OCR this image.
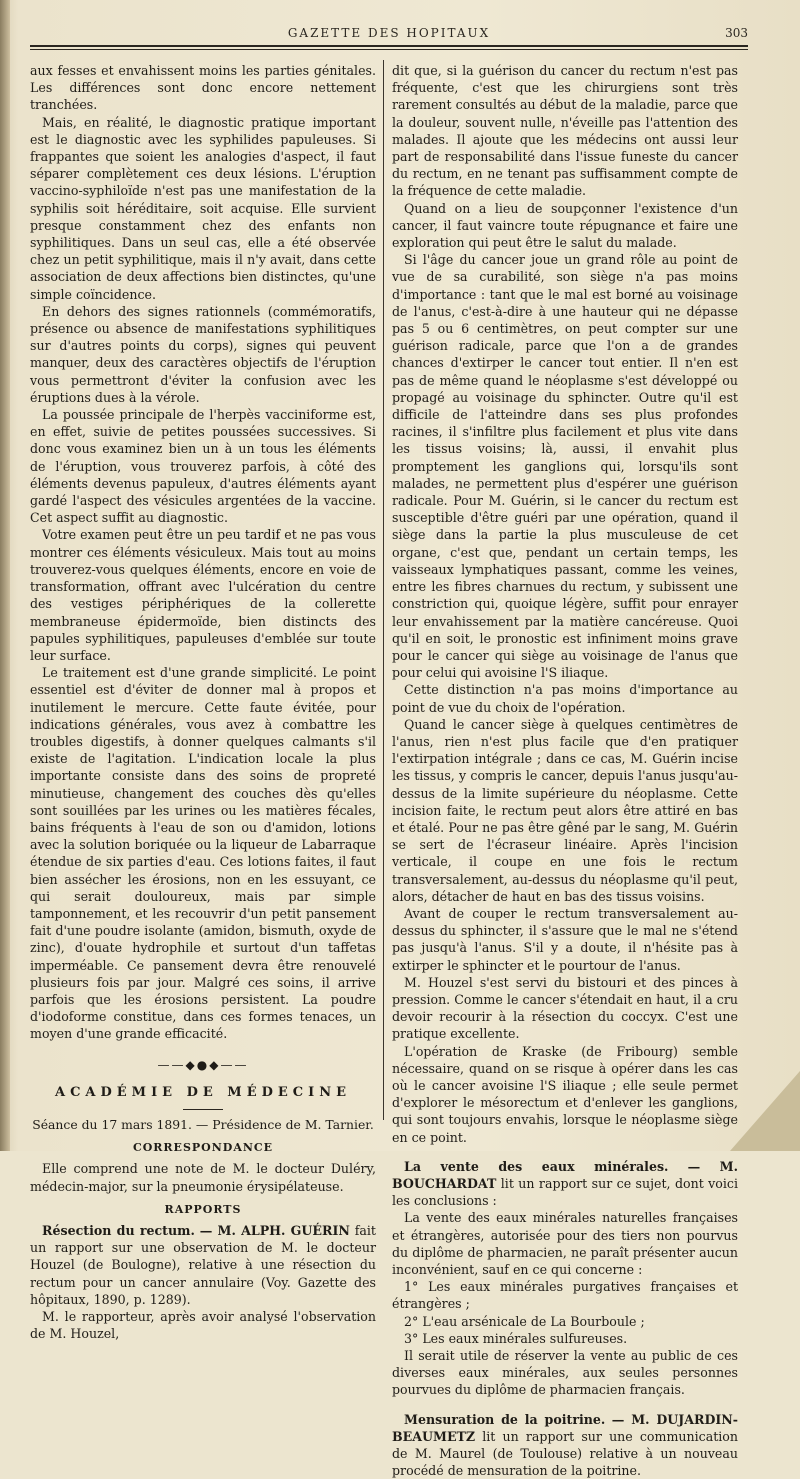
GAZETTE DES HOPITAUX	303

aux fesses et envahissent moins les parties génitales. Les différences sont donc encore nettement tranchées.

Mais, en réalité, le diagnostic pratique important est le diagnostic avec les syphilides papuleuses. Si frappantes que soient les analogies d'aspect, il faut séparer complètement ces deux lésions. L'éruption vaccino-syphiloïde n'est pas une manifestation de la syphilis soit héréditaire, soit acquise. Elle survient presque constamment chez des enfants non syphilitiques. Dans un seul cas, elle a été observée chez un petit syphilitique, mais il n'y avait, dans cette association de deux affections bien distinctes, qu'une simple coïncidence.

En dehors des signes rationnels (commémoratifs, présence ou absence de manifestations syphilitiques sur d'autres points du corps), signes qui peuvent manquer, deux des caractères objectifs de l'éruption vous permettront d'éviter la confusion avec les éruptions dues à la vérole.

La poussée principale de l'herpès vacciniforme est, en effet, suivie de petites poussées successives. Si donc vous examinez bien un à un tous les éléments de l'éruption, vous trouverez parfois, à côté des éléments devenus papuleux, d'autres éléments ayant gardé l'aspect des vésicules argentées de la vaccine. Cet aspect suffit au diagnostic.

Votre examen peut être un peu tardif et ne pas vous montrer ces éléments vésiculeux. Mais tout au moins trouverez-vous quelques éléments, encore en voie de transformation, offrant avec l'ulcération du centre des vestiges périphériques de la collerette membraneuse épidermoïde, bien distincts des papules syphilitiques, papuleuses d'emblée sur toute leur surface.

Le traitement est d'une grande simplicité. Le point essentiel est d'éviter de donner mal à propos et inutilement le mercure. Cette faute évitée, pour indications générales, vous avez à combattre les troubles digestifs, à donner quelques calmants s'il existe de l'agitation. L'indication locale la plus importante consiste dans des soins de propreté minutieuse, changement des couches dès qu'elles sont souillées par les urines ou les matières fécales, bains fréquents à l'eau de son ou d'amidon, lotions avec la solution boriquée ou la liqueur de Labarraque étendue de six parties d'eau. Ces lotions faites, il faut bien assécher les érosions, non en les essuyant, ce qui serait douloureux, mais par simple tamponnement, et les recouvrir d'un petit pansement fait d'une poudre isolante (amidon, bismuth, oxyde de zinc), d'ouate hydrophile et surtout d'un taffetas imperméable. Ce pansement devra être renouvelé plusieurs fois par jour. Malgré ces soins, il arrive parfois que les érosions persistent. La poudre d'iodoforme constitue, dans ces formes tenaces, un moyen d'une grande efficacité.

——◆●◆——
ACADÉMIE DE MÉDECINE
Séance du 17 mars 1891. — Présidence de M. Tarnier.
CORRESPONDANCE

Elle comprend une note de M. le docteur Duléry, médecin-major, sur la pneumonie érysipélateuse.

RAPPORTS

Résection du rectum. — M. ALPH. GUÉRIN fait un rapport sur une observation de M. le docteur Houzel (de Boulogne), relative à une résection du rectum pour un cancer annulaire (Voy. Gazette des hôpitaux, 1890, p. 1289).

M. le rapporteur, après avoir analysé l'observation de M. Houzel,

dit que, si la guérison du cancer du rectum n'est pas fréquente, c'est que les chirurgiens sont très rarement consultés au début de la maladie, parce que la douleur, souvent nulle, n'éveille pas l'attention des malades. Il ajoute que les médecins ont aussi leur part de responsabilité dans l'issue funeste du cancer du rectum, en ne tenant pas suffisamment compte de la fréquence de cette maladie.

Quand on a lieu de soupçonner l'existence d'un cancer, il faut vaincre toute répugnance et faire une exploration qui peut être le salut du malade.

Si l'âge du cancer joue un grand rôle au point de vue de sa curabilité, son siège n'a pas moins d'importance : tant que le mal est borné au voisinage de l'anus, c'est-à-dire à une hauteur qui ne dépasse pas 5 ou 6 centimètres, on peut compter sur une guérison radicale, parce que l'on a de grandes chances d'extirper le cancer tout entier. Il n'en est pas de même quand le néoplasme s'est développé ou propagé au voisinage du sphincter. Outre qu'il est difficile de l'atteindre dans ses plus profondes racines, il s'infiltre plus facilement et plus vite dans les tissus voisins; là, aussi, il envahit plus promptement les ganglions qui, lorsqu'ils sont malades, ne permettent plus d'espérer une guérison radicale. Pour M. Guérin, si le cancer du rectum est susceptible d'être guéri par une opération, quand il siège dans la partie la plus musculeuse de cet organe, c'est que, pendant un certain temps, les vaisseaux lymphatiques passant, comme les veines, entre les fibres charnues du rectum, y subissent une constriction qui, quoique légère, suffit pour enrayer leur envahissement par la matière cancéreuse. Quoi qu'il en soit, le pronostic est infiniment moins grave pour le cancer qui siège au voisinage de l'anus que pour celui qui avoisine l'S iliaque.

Cette distinction n'a pas moins d'importance au point de vue du choix de l'opération.

Quand le cancer siège à quelques centimètres de l'anus, rien n'est plus facile que d'en pratiquer l'extirpation intégrale ; dans ce cas, M. Guérin incise les tissus, y compris le cancer, depuis l'anus jusqu'au-dessus de la limite supérieure du néoplasme. Cette incision faite, le rectum peut alors être attiré en bas et étalé. Pour ne pas être gêné par le sang, M. Guérin se sert de l'écraseur linéaire. Après l'incision verticale, il coupe en une fois le rectum transversalement, au-dessus du néoplasme qu'il peut, alors, détacher de haut en bas des tissus voisins.

Avant de couper le rectum transversalement au-dessus du sphincter, il s'assure que le mal ne s'étend pas jusqu'à l'anus. S'il y a doute, il n'hésite pas à extirper le sphincter et le pourtour de l'anus.

M. Houzel s'est servi du bistouri et des pinces à pression. Comme le cancer s'étendait en haut, il a cru devoir recourir à la résection du coccyx. C'est une pratique excellente.

L'opération de Kraske (de Fribourg) semble nécessaire, quand on se risque à opérer dans les cas où le cancer avoisine l'S iliaque ; elle seule permet d'explorer le mésorectum et d'enlever les ganglions, qui sont toujours envahis, lorsque le néoplasme siège en ce point.

La vente des eaux minérales. — M. BOUCHARDAT lit un rapport sur ce sujet, dont voici les conclusions :

La vente des eaux minérales naturelles françaises et étrangères, autorisée pour des tiers non pourvus du diplôme de pharmacien, ne paraît présenter aucun inconvénient, sauf en ce qui concerne :

1° Les eaux minérales purgatives françaises et étrangères ;

2° L'eau arsénicale de La Bourboule ;

3° Les eaux minérales sulfureuses.

Il serait utile de réserver la vente au public de ces diverses eaux minérales, aux seules personnes pourvues du diplôme de pharmacien français.

Mensuration de la poitrine. — M. DUJARDIN-BEAUMETZ lit un rapport sur une communication de M. Maurel (de Toulouse) relative à un nouveau procédé de mensuration de la poitrine.
